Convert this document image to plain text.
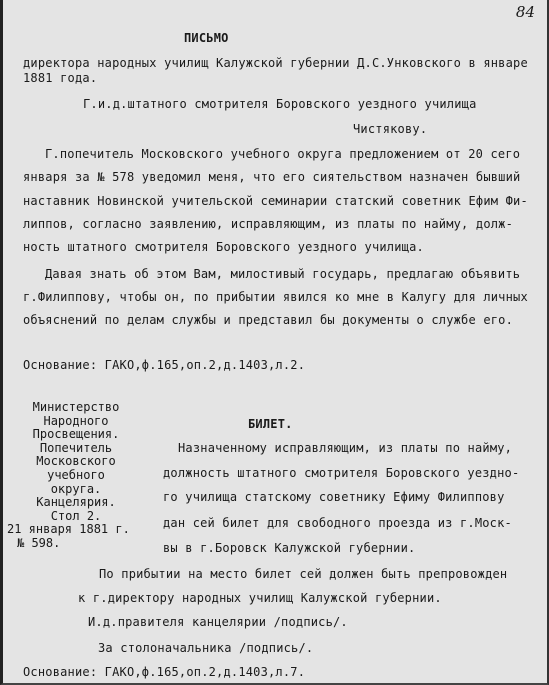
84
ПИСЬМО
директора народных училищ Калужской губернии Д.С.Унковского в январе
1881 года.
Г.и.д.штатного смотрителя Боровского уездного училища
Чистякову.
Г.попечитель Московского учебного округа предложением от 20 сего
января за № 578 уведомил меня, что его сиятельством назначен бывший
наставник Новинской учительской семинарии статский советник Ефим Фи-
липпов, согласно заявлению, исправляющим, из платы по найму, долж-
ность штатного смотрителя Боровского уездного училища.
Давая знать об этом Вам, милостивый государь, предлагаю объявить
г.Филиппову, чтобы он, по прибытии явился ко мне в Калугу для личных
объяснений по делам службы и представил бы документы о службе его.
Основание: ГАКО,ф.165,оп.2,д.1403,л.2.
Министерство
Народного
Просвещения.
Попечитель
Московского
учебного
округа.
Канцелярия.
Стол 2.
21 января 1881 г.
№ 598.
БИЛЕТ.
Назначенному исправляющим, из платы по найму,
должность штатного смотрителя Боровского уездно-
го училища статскому советнику Ефиму Филиппову
дан сей билет для свободного проезда из г.Моск-
вы в г.Боровск Калужской губернии.
По прибытии на место билет сей должен быть препровожден
к г.директору народных училищ Калужской губернии.
И.д.правителя канцелярии /подпись/.
За столоначальника /подпись/.
Основание: ГАКО,ф.165,оп.2,д.1403,л.7.
